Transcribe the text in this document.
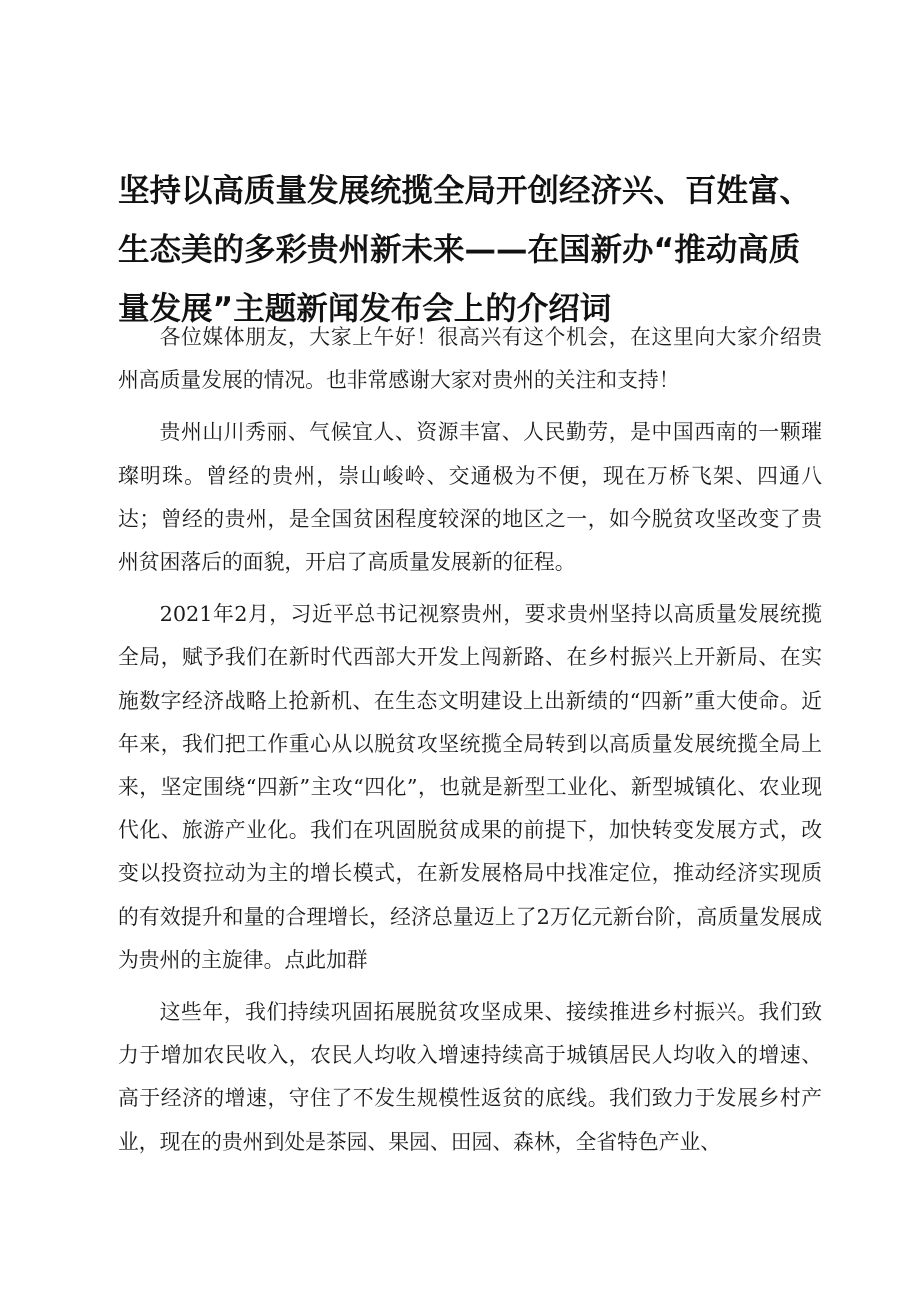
坚持以高质量发展统揽全局开创经济兴、百姓富、生态美的多彩贵州新未来——在国新办“推动高质量发展”主题新闻发布会上的介绍词

各位媒体朋友，大家上午好！很高兴有这个机会，在这里向大家介绍贵州高质量发展的情况。也非常感谢大家对贵州的关注和支持！

贵州山川秀丽、气候宜人、资源丰富、人民勤劳，是中国西南的一颗璀璨明珠。曾经的贵州，崇山峻岭、交通极为不便，现在万桥飞架、四通八达；曾经的贵州，是全国贫困程度较深的地区之一，如今脱贫攻坚改变了贵州贫困落后的面貌，开启了高质量发展新的征程。

2021年2月，习近平总书记视察贵州，要求贵州坚持以高质量发展统揽全局，赋予我们在新时代西部大开发上闯新路、在乡村振兴上开新局、在实施数字经济战略上抢新机、在生态文明建设上出新绩的“四新”重大使命。近年来，我们把工作重心从以脱贫攻坚统揽全局转到以高质量发展统揽全局上来，坚定围绕“四新”主攻“四化”，也就是新型工业化、新型城镇化、农业现代化、旅游产业化。我们在巩固脱贫成果的前提下，加快转变发展方式，改变以投资拉动为主的增长模式，在新发展格局中找准定位，推动经济实现质的有效提升和量的合理增长，经济总量迈上了2万亿元新台阶，高质量发展成为贵州的主旋律。点此加群

这些年，我们持续巩固拓展脱贫攻坚成果、接续推进乡村振兴。我们致力于增加农民收入，农民人均收入增速持续高于城镇居民人均收入的增速、高于经济的增速，守住了不发生规模性返贫的底线。我们致力于发展乡村产业，现在的贵州到处是茶园、果园、田园、森林，全省特色产业、
